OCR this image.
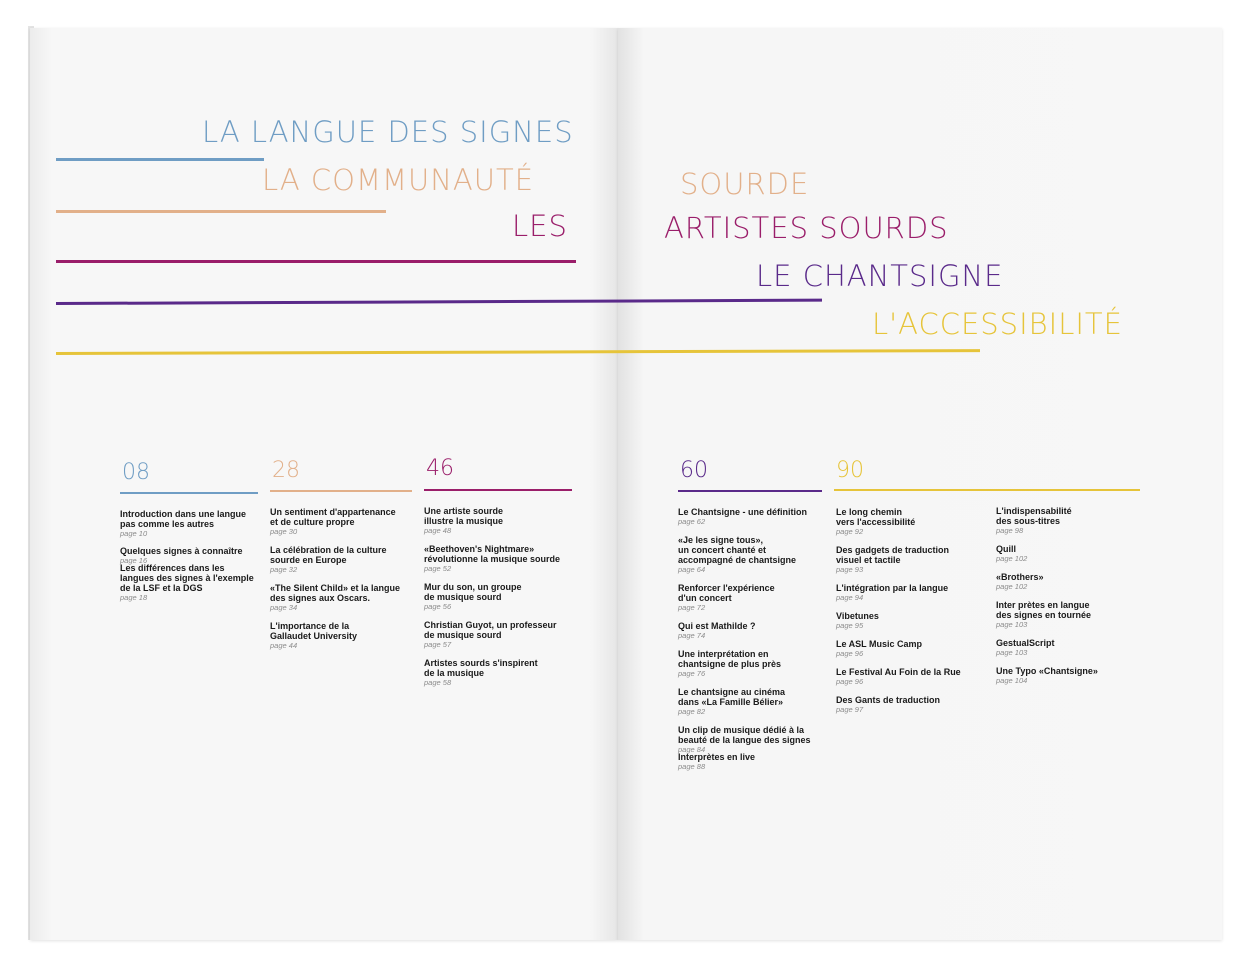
LA LANGUE DES SIGNES
LA COMMUNAUTÉ	SOURDE
LES	ARTISTES SOURDS
LE CHANTSIGNE
L'ACCESSIBILITÉ
08	28	46	60	90
Introduction dans une langue
pas comme les autres
page 10
Quelques signes à connaître
page 16
Les différences dans les
langues des signes à l'exemple
de la LSF et la DGS
page 18
Un sentiment d'appartenance
et de culture propre
page 30
La célébration de la culture
sourde en Europe
page 32
«The Silent Child» et la langue
des signes aux Oscars.
page 34
L'importance de la
Gallaudet University
page 44
Une artiste sourde
illustre la musique
page 48
«Beethoven's Nightmare»
révolutionne la musique sourde
page 52
Mur du son, un groupe
de musique sourd
page 56
Christian Guyot, un professeur
de musique sourd
page 57
Artistes sourds s'inspirent
de la musique
page 58
Le Chantsigne - une définition
page 62
«Je les signe tous»,
un concert chanté et
accompagné de chantsigne
page 64
Renforcer l'expérience
d'un concert
page 72
Qui est Mathilde ?
page 74
Une interprétation en
chantsigne de plus près
page 76
Le chantsigne au cinéma
dans «La Famille Bélier»
page 82
Un clip de musique dédié à la
beauté de la langue des signes
page 84
Interprètes en live
page 88
Le long chemin
vers l'accessibilité
page 92
Des gadgets de traduction
visuel et tactile
page 93
L'intégration par la langue
page 94
Vibetunes
page 95
Le ASL Music Camp
page 96
Le Festival Au Foin de la Rue
page 96
Des Gants de traduction
page 97
L'indispensabilité
des sous-titres
page 98
Quill
page 102
«Brothers»
page 102
Inter prètes en langue
des signes en tournée
page 103
GestualScript
page 103
Une Typo «Chantsigne»
page 104
